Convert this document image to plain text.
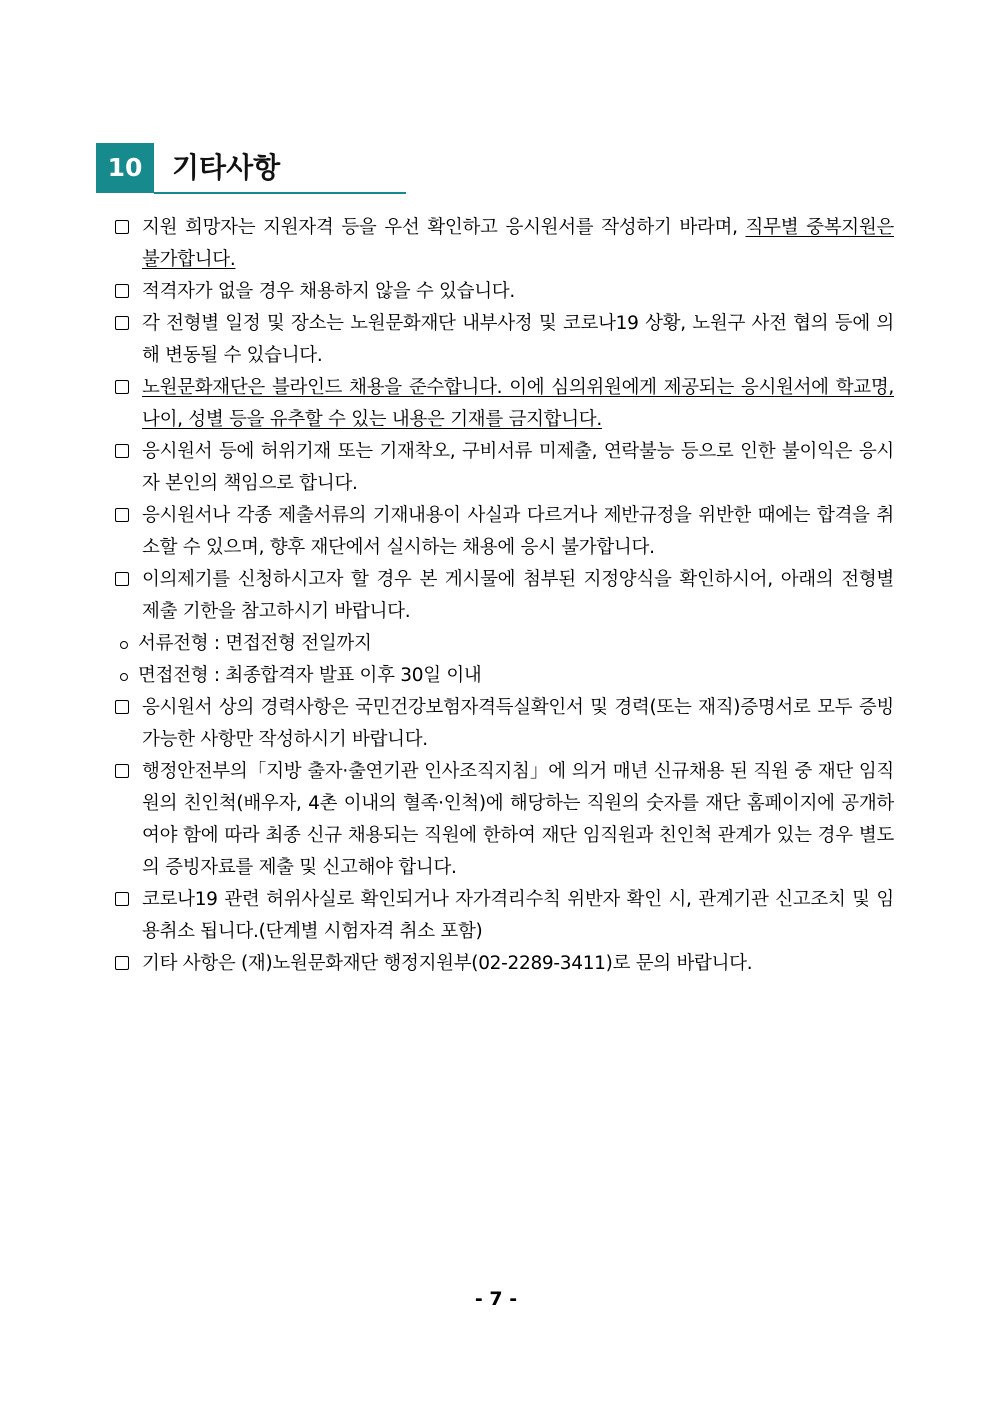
10	기타사항
지원 희망자는 지원자격 등을 우선 확인하고 응시원서를 작성하기 바라며, 직무별 중복지원은 불가합니다.
적격자가 없을 경우 채용하지 않을 수 있습니다.
각 전형별 일정 및 장소는 노원문화재단 내부사정 및 코로나19 상황, 노원구 사전 협의 등에 의해 변동될 수 있습니다.
노원문화재단은 블라인드 채용을 준수합니다. 이에 심의위원에게 제공되는 응시원서에 학교명, 나이, 성별 등을 유추할 수 있는 내용은 기재를 금지합니다.
응시원서 등에 허위기재 또는 기재착오, 구비서류 미제출, 연락불능 등으로 인한 불이익은 응시자 본인의 책임으로 합니다.
응시원서나 각종 제출서류의 기재내용이 사실과 다르거나 제반규정을 위반한 때에는 합격을 취소할 수 있으며, 향후 재단에서 실시하는 채용에 응시 불가합니다.
이의제기를 신청하시고자 할 경우 본 게시물에 첨부된 지정양식을 확인하시어, 아래의 전형별 제출 기한을 참고하시기 바랍니다.
서류전형 : 면접전형 전일까지
면접전형 : 최종합격자 발표 이후 30일 이내
응시원서 상의 경력사항은 국민건강보험자격득실확인서 및 경력(또는 재직)증명서로 모두 증빙 가능한 사항만 작성하시기 바랍니다.
행정안전부의「지방 출자·출연기관 인사조직지침」에 의거 매년 신규채용 된 직원 중 재단 임직원의 친인척(배우자, 4촌 이내의 혈족·인척)에 해당하는 직원의 숫자를 재단 홈페이지에 공개하여야 함에 따라 최종 신규 채용되는 직원에 한하여 재단 임직원과 친인척 관계가 있는 경우 별도의 증빙자료를 제출 및 신고해야 합니다.
코로나19 관련 허위사실로 확인되거나 자가격리수칙 위반자 확인 시, 관계기관 신고조치 및 임용취소 됩니다.(단계별 시험자격 취소 포함)
기타 사항은 (재)노원문화재단 행정지원부(02-2289-3411)로 문의 바랍니다.
- 7 -
